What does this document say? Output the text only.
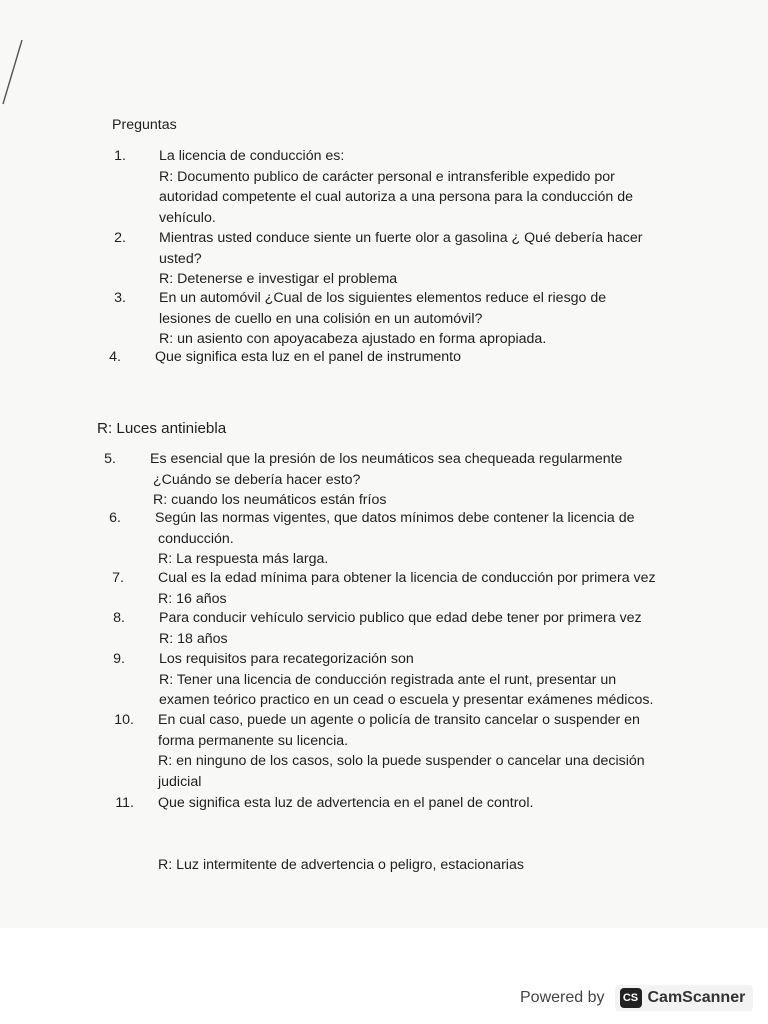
Preguntas
1. La licencia de conducción es:
R: Documento publico de carácter personal e intransferible expedido por
autoridad competente el cual autoriza a una persona para la conducción de
vehículo.
2. Mientras usted conduce siente un fuerte olor a gasolina ¿ Qué debería hacer
usted?
R: Detenerse e investigar el problema
3. En un automóvil ¿Cual de los siguientes elementos reduce el riesgo de
lesiones de cuello en una colisión en un automóvil?
R: un asiento con apoyacabeza ajustado en forma apropiada.
4. Que significa esta luz en el panel de instrumento
R: Luces antiniebla
5. Es esencial que la presión de los neumáticos sea chequeada regularmente
¿Cuándo se debería hacer esto?
R: cuando los neumáticos están fríos
6. Según las normas vigentes, que datos mínimos debe contener la licencia de
conducción.
R: La respuesta más larga.
7. Cual es la edad mínima para obtener la licencia de conducción por primera vez
R: 16 años
8. Para conducir vehículo servicio publico que edad debe tener por primera vez
R: 18 años
9. Los requisitos para recategorización son
R: Tener una licencia de conducción registrada ante el runt, presentar un
examen teórico practico en un cead o escuela y presentar exámenes médicos.
10. En cual caso, puede un agente o policía de transito cancelar o suspender en
forma permanente su licencia.
R: en ninguno de los casos, solo la puede suspender o cancelar una decisión
judicial
11. Que significa esta luz de advertencia en el panel de control.
R: Luz intermitente de advertencia o peligro, estacionarias
Powered by	CS CamScanner
